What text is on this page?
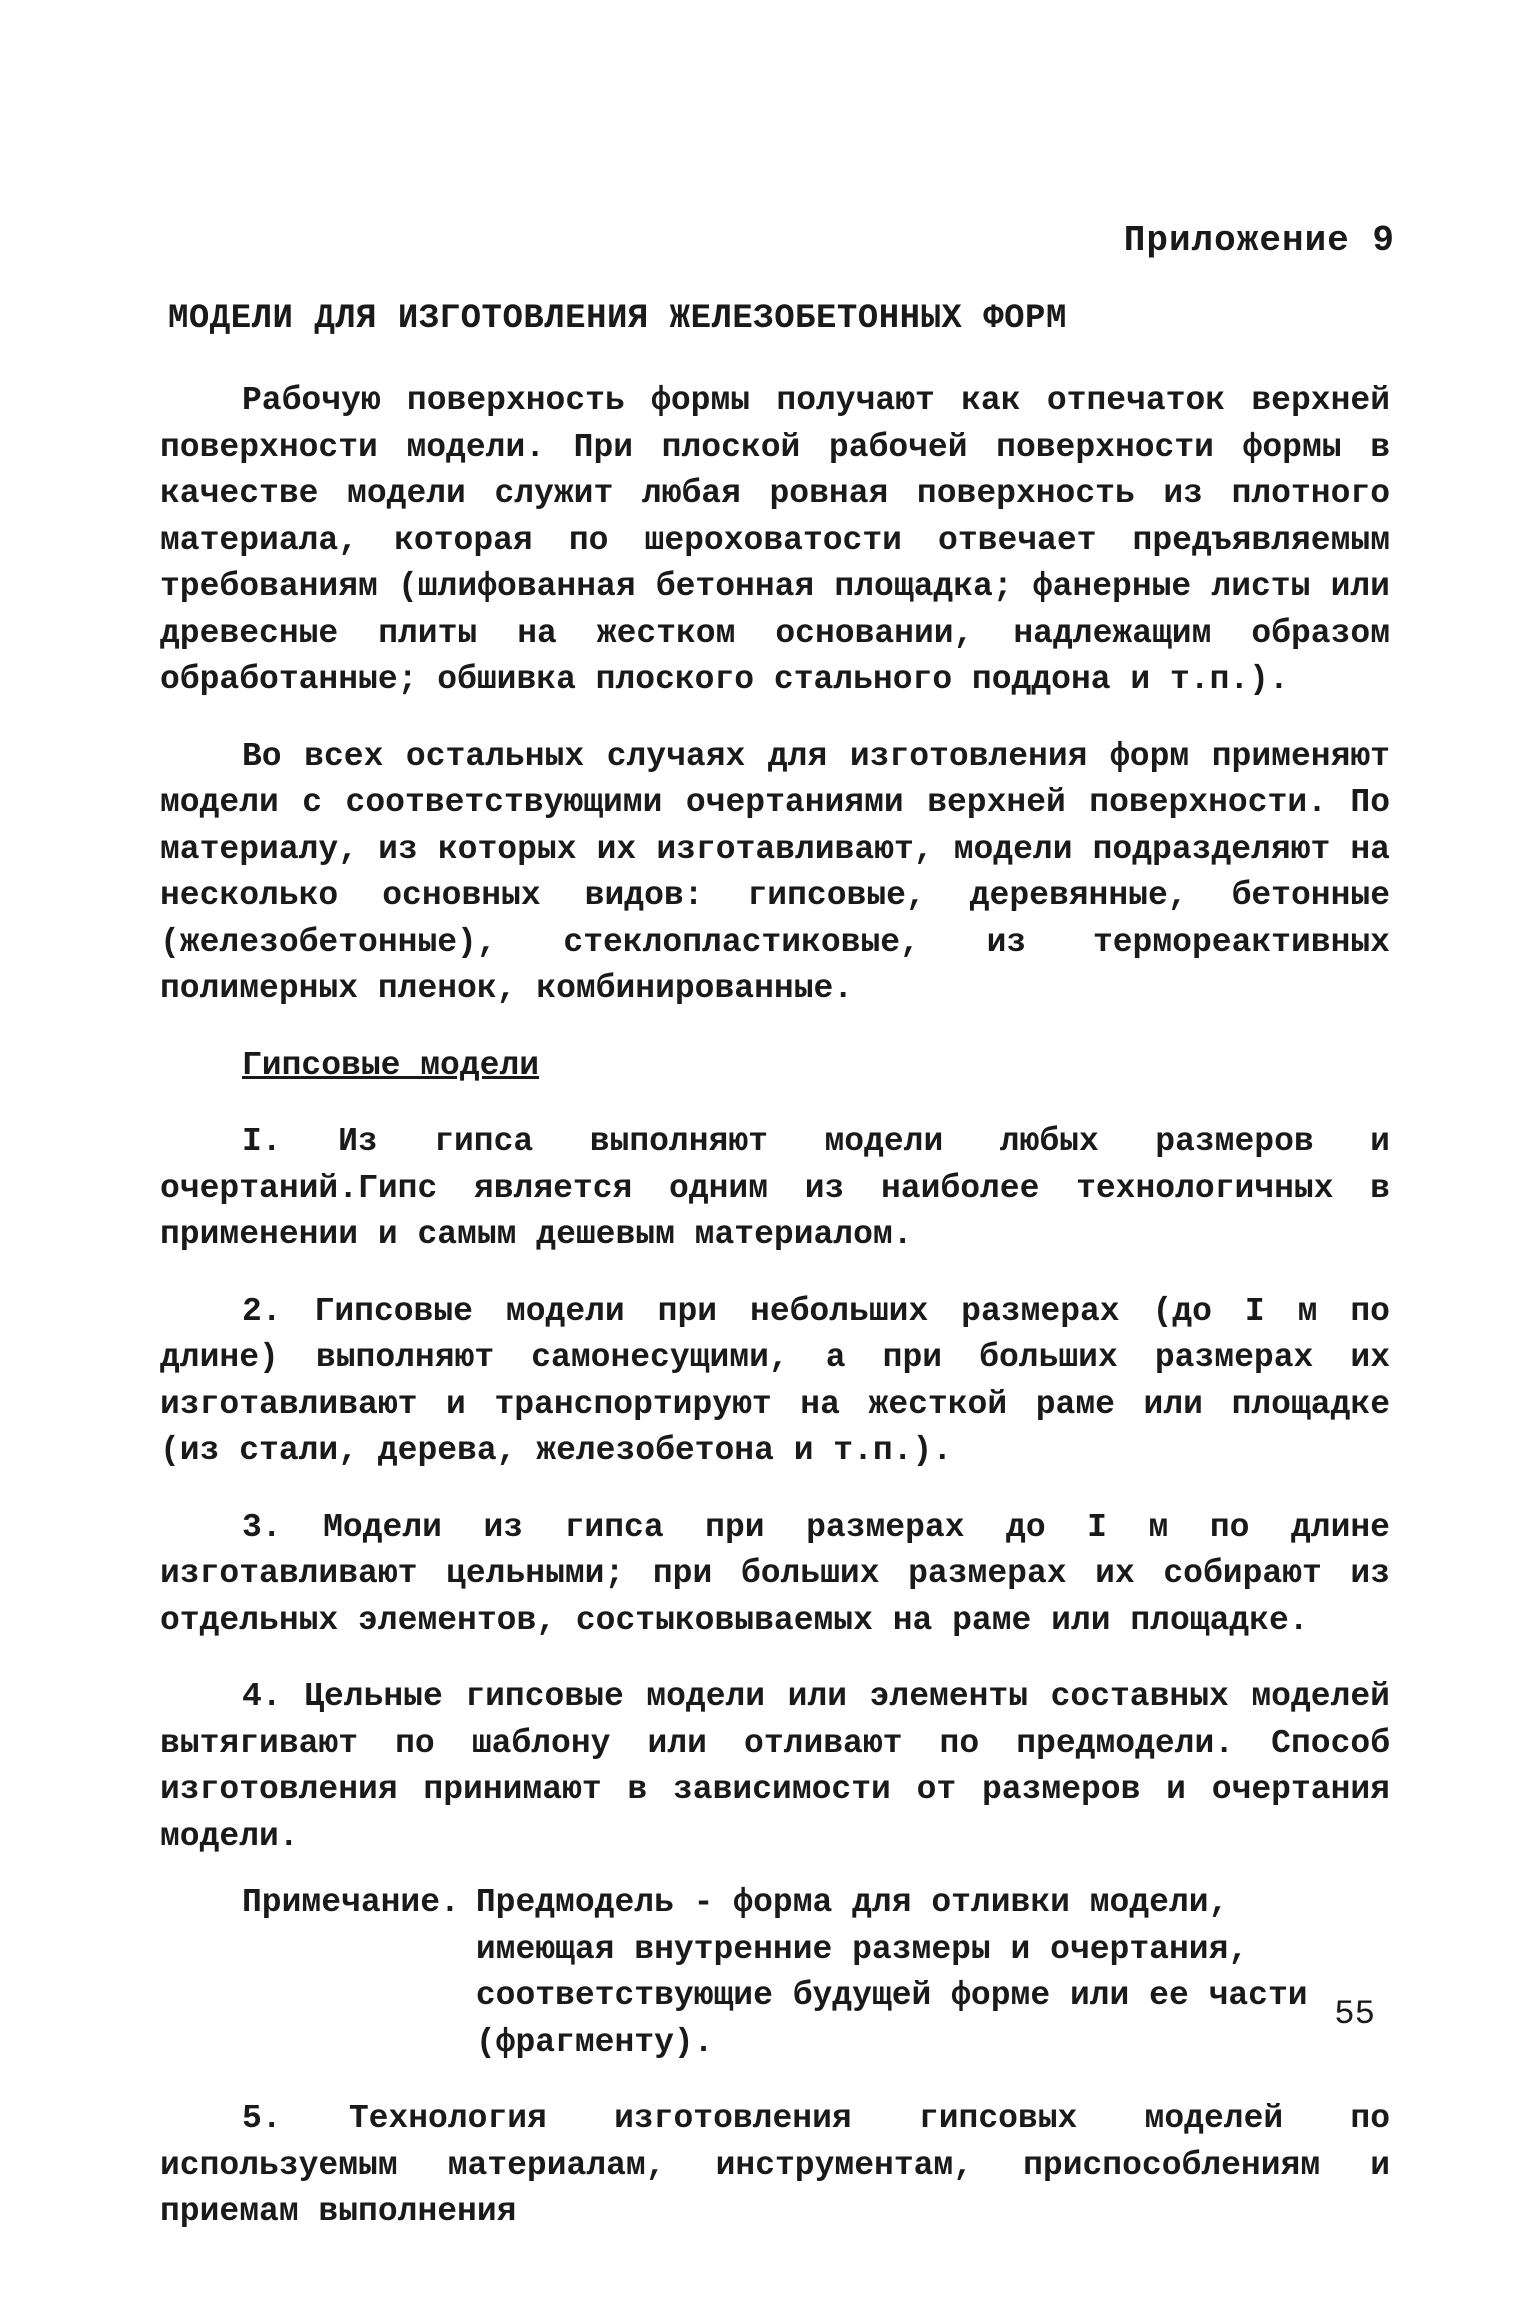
Приложение 9
МОДЕЛИ ДЛЯ ИЗГОТОВЛЕНИЯ ЖЕЛЕЗОБЕТОННЫХ ФОРМ

Рабочую поверхность формы получают как отпечаток верхней поверхности модели. При плоской рабочей поверхности формы в качестве модели служит любая ровная поверхность из плотного материала, которая по шероховатости отвечает предъявляемым требованиям (шлифованная бетонная площадка; фанерные листы или древесные плиты на жестком основании, надлежащим образом обработанные; обшивка плоского стального поддона и т.п.).

Во всех остальных случаях для изготовления форм применяют модели с соответствующими очертаниями верхней поверхности. По материалу, из которых их изготавливают, модели подразделяют на несколько основных видов: гипсовые, деревянные, бетонные (железобетонные), стеклопластиковые, из термореактивных полимерных пленок, комбинированные.

Гипсовые модели

I. Из гипса выполняют модели любых размеров и очертаний.Гипс является одним из наиболее технологичных в применении и самым дешевым материалом.

2. Гипсовые модели при небольших размерах (до I м по длине) выполняют самонесущими, а при больших размерах их изготавливают и транспортируют на жесткой раме или площадке (из стали, дерева, железобетона и т.п.).

3. Модели из гипса при размерах до I м по длине изготавливают цельными; при больших размерах их собирают из отдельных элементов, состыковываемых на раме или площадке.

4. Цельные гипсовые модели или элементы составных моделей вытягивают по шаблону или отливают по предмодели. Способ изготовления принимают в зависимости от размеров и очертания модели.

Примечание. Предмодель - форма для отливки модели, имеющая внутренние размеры и очертания, соответствующие будущей форме или ее части (фрагменту).

5. Технология изготовления гипсовых моделей по используемым материалам, инструментам, приспособлениям и приемам выполнения

55
